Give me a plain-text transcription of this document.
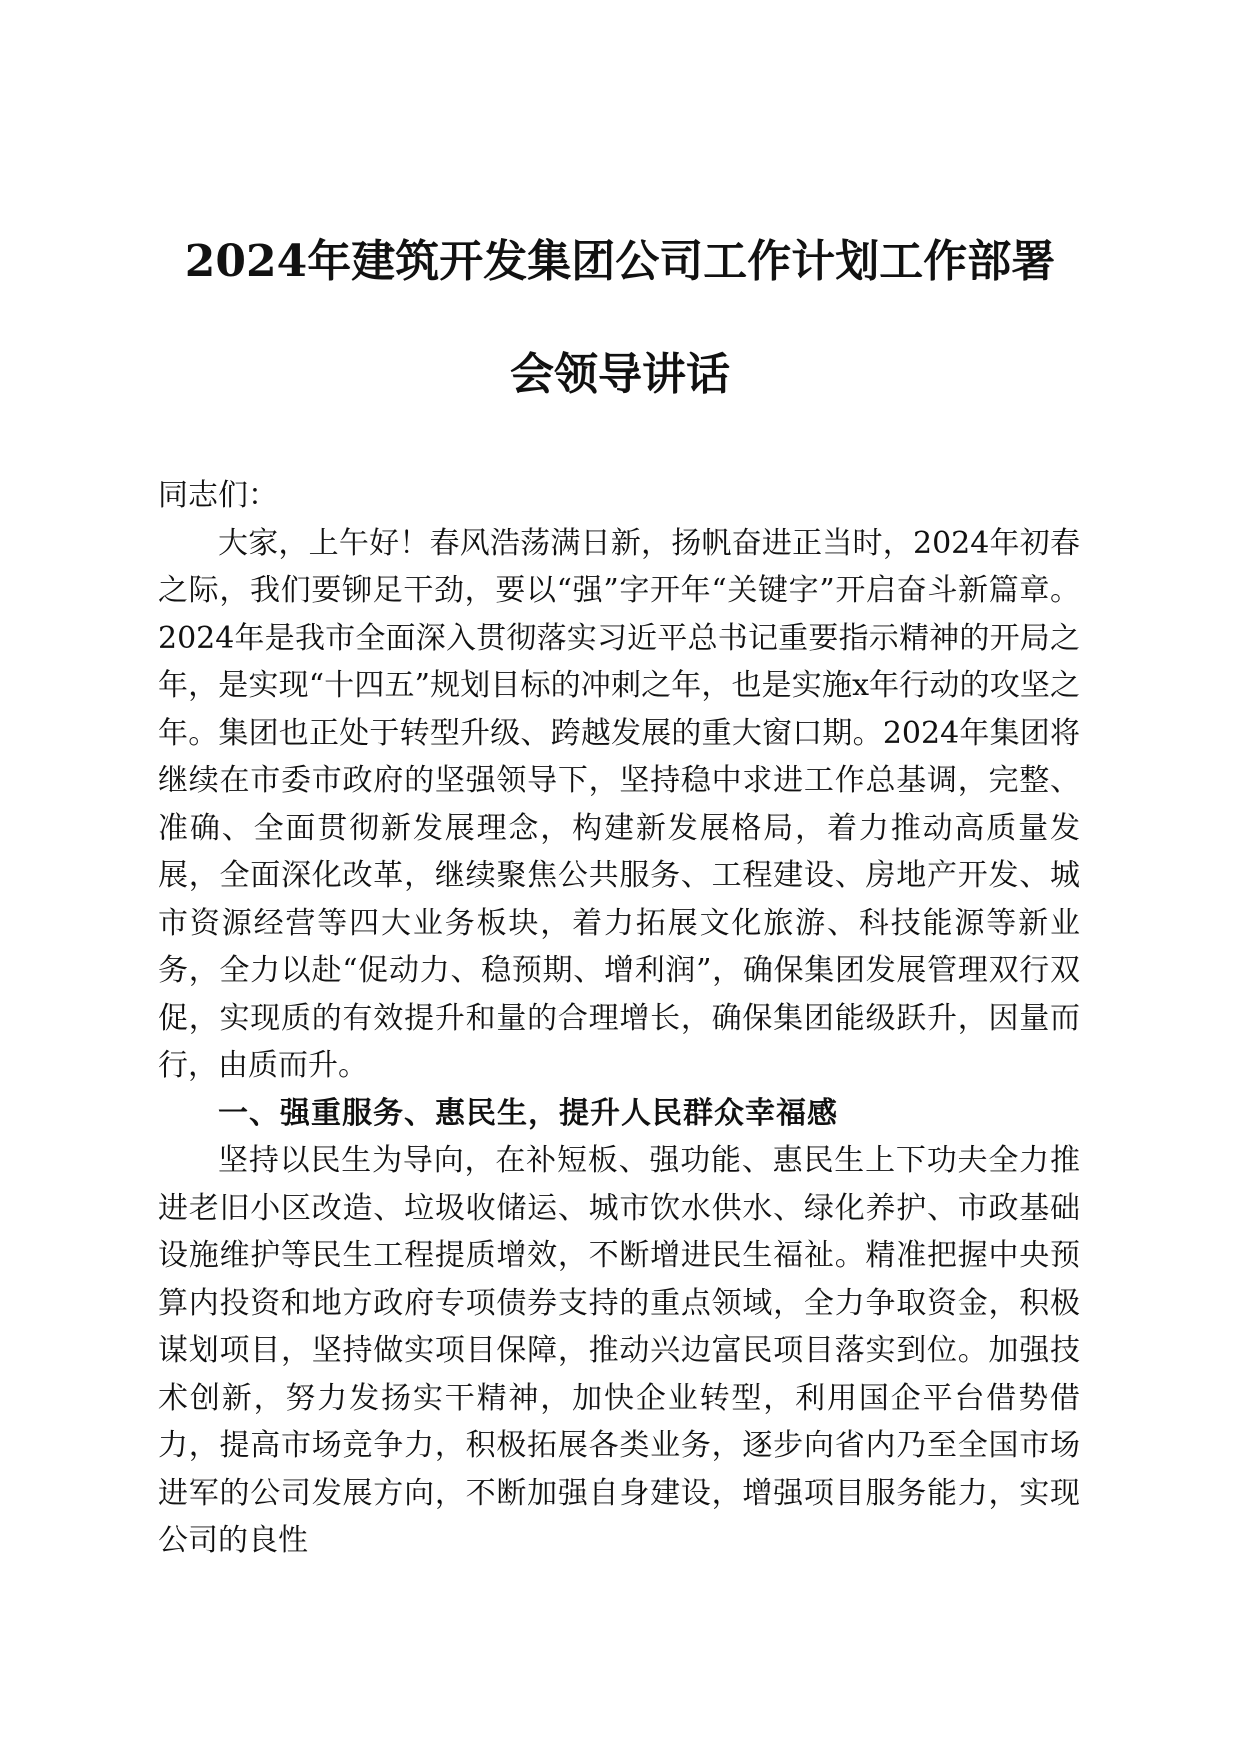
2024年建筑开发集团公司工作计划工作部署
会领导讲话

同志们：

大家，上午好！春风浩荡满日新，扬帆奋进正当时，2024年初春之际，我们要铆足干劲，要以“强”字开年“关键字”开启奋斗新篇章。2024年是我市全面深入贯彻落实习近平总书记重要指示精神的开局之年，是实现“十四五”规划目标的冲刺之年，也是实施x年行动的攻坚之年。集团也正处于转型升级、跨越发展的重大窗口期。2024年集团将继续在市委市政府的坚强领导下，坚持稳中求进工作总基调，完整、准确、全面贯彻新发展理念，构建新发展格局，着力推动高质量发展，全面深化改革，继续聚焦公共服务、工程建设、房地产开发、城市资源经营等四大业务板块，着力拓展文化旅游、科技能源等新业务，全力以赴“促动力、稳预期、增利润”，确保集团发展管理双行双促，实现质的有效提升和量的合理增长，确保集团能级跃升，因量而行，由质而升。

一、强重服务、惠民生，提升人民群众幸福感

坚持以民生为导向，在补短板、强功能、惠民生上下功夫全力推进老旧小区改造、垃圾收储运、城市饮水供水、绿化养护、市政基础设施维护等民生工程提质增效，不断增进民生福祉。精准把握中央预算内投资和地方政府专项债券支持的重点领域，全力争取资金，积极谋划项目，坚持做实项目保障，推动兴边富民项目落实到位。加强技术创新，努力发扬实干精神，加快企业转型，利用国企平台借势借力，提高市场竞争力，积极拓展各类业务，逐步向省内乃至全国市场进军的公司发展方向，不断加强自身建设，增强项目服务能力，实现公司的良性
